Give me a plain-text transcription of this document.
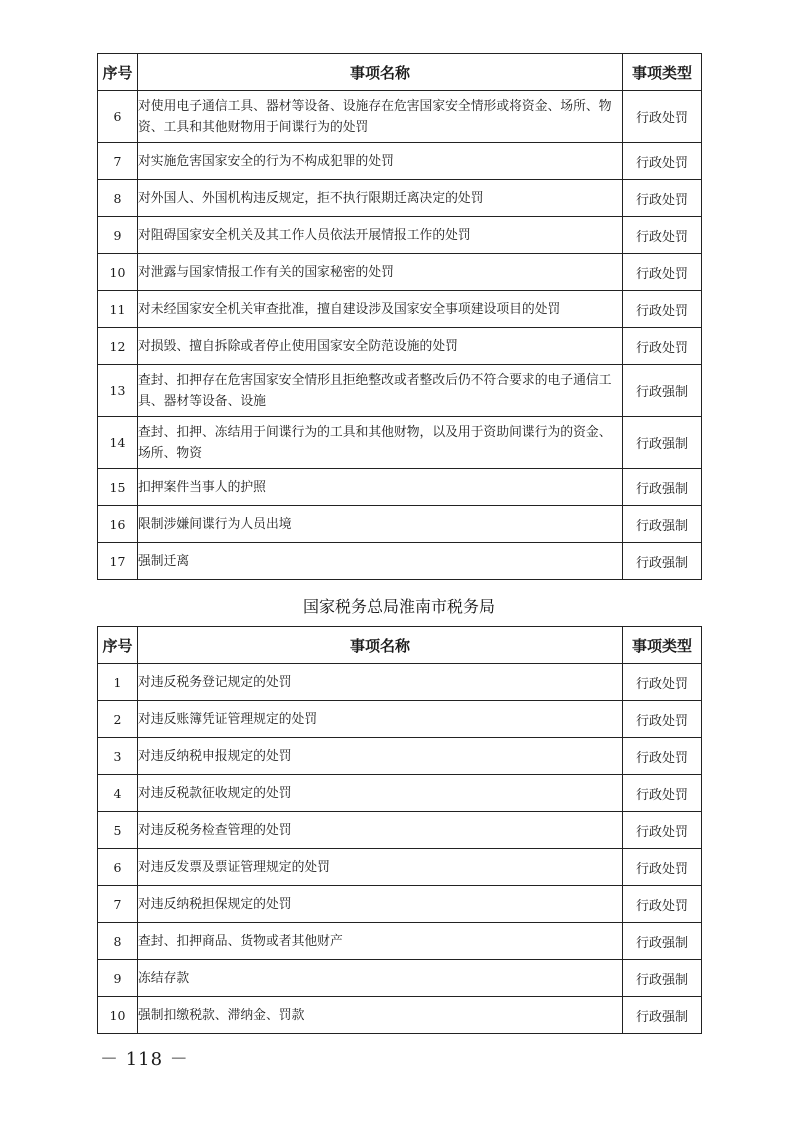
序号	事项名称	事项类型
6	对使用电子通信工具、器材等设备、设施存在危害国家安全情形或将资金、场所、物资、工具和其他财物用于间谍行为的处罚	行政处罚
7	对实施危害国家安全的行为不构成犯罪的处罚	行政处罚
8	对外国人、外国机构违反规定，拒不执行限期迁离决定的处罚	行政处罚
9	对阻碍国家安全机关及其工作人员依法开展情报工作的处罚	行政处罚
10	对泄露与国家情报工作有关的国家秘密的处罚	行政处罚
11	对未经国家安全机关审查批准，擅自建设涉及国家安全事项建设项目的处罚	行政处罚
12	对损毁、擅自拆除或者停止使用国家安全防范设施的处罚	行政处罚
13	查封、扣押存在危害国家安全情形且拒绝整改或者整改后仍不符合要求的电子通信工具、器材等设备、设施	行政强制
14	查封、扣押、冻结用于间谍行为的工具和其他财物，以及用于资助间谍行为的资金、场所、物资	行政强制
15	扣押案件当事人的护照	行政强制
16	限制涉嫌间谍行为人员出境	行政强制
17	强制迁离	行政强制
国家税务总局淮南市税务局
序号	事项名称	事项类型
1	对违反税务登记规定的处罚	行政处罚
2	对违反账簿凭证管理规定的处罚	行政处罚
3	对违反纳税申报规定的处罚	行政处罚
4	对违反税款征收规定的处罚	行政处罚
5	对违反税务检查管理的处罚	行政处罚
6	对违反发票及票证管理规定的处罚	行政处罚
7	对违反纳税担保规定的处罚	行政处罚
8	查封、扣押商品、货物或者其他财产	行政强制
9	冻结存款	行政强制
10	强制扣缴税款、滞纳金、罚款	行政强制
－ 118 －
